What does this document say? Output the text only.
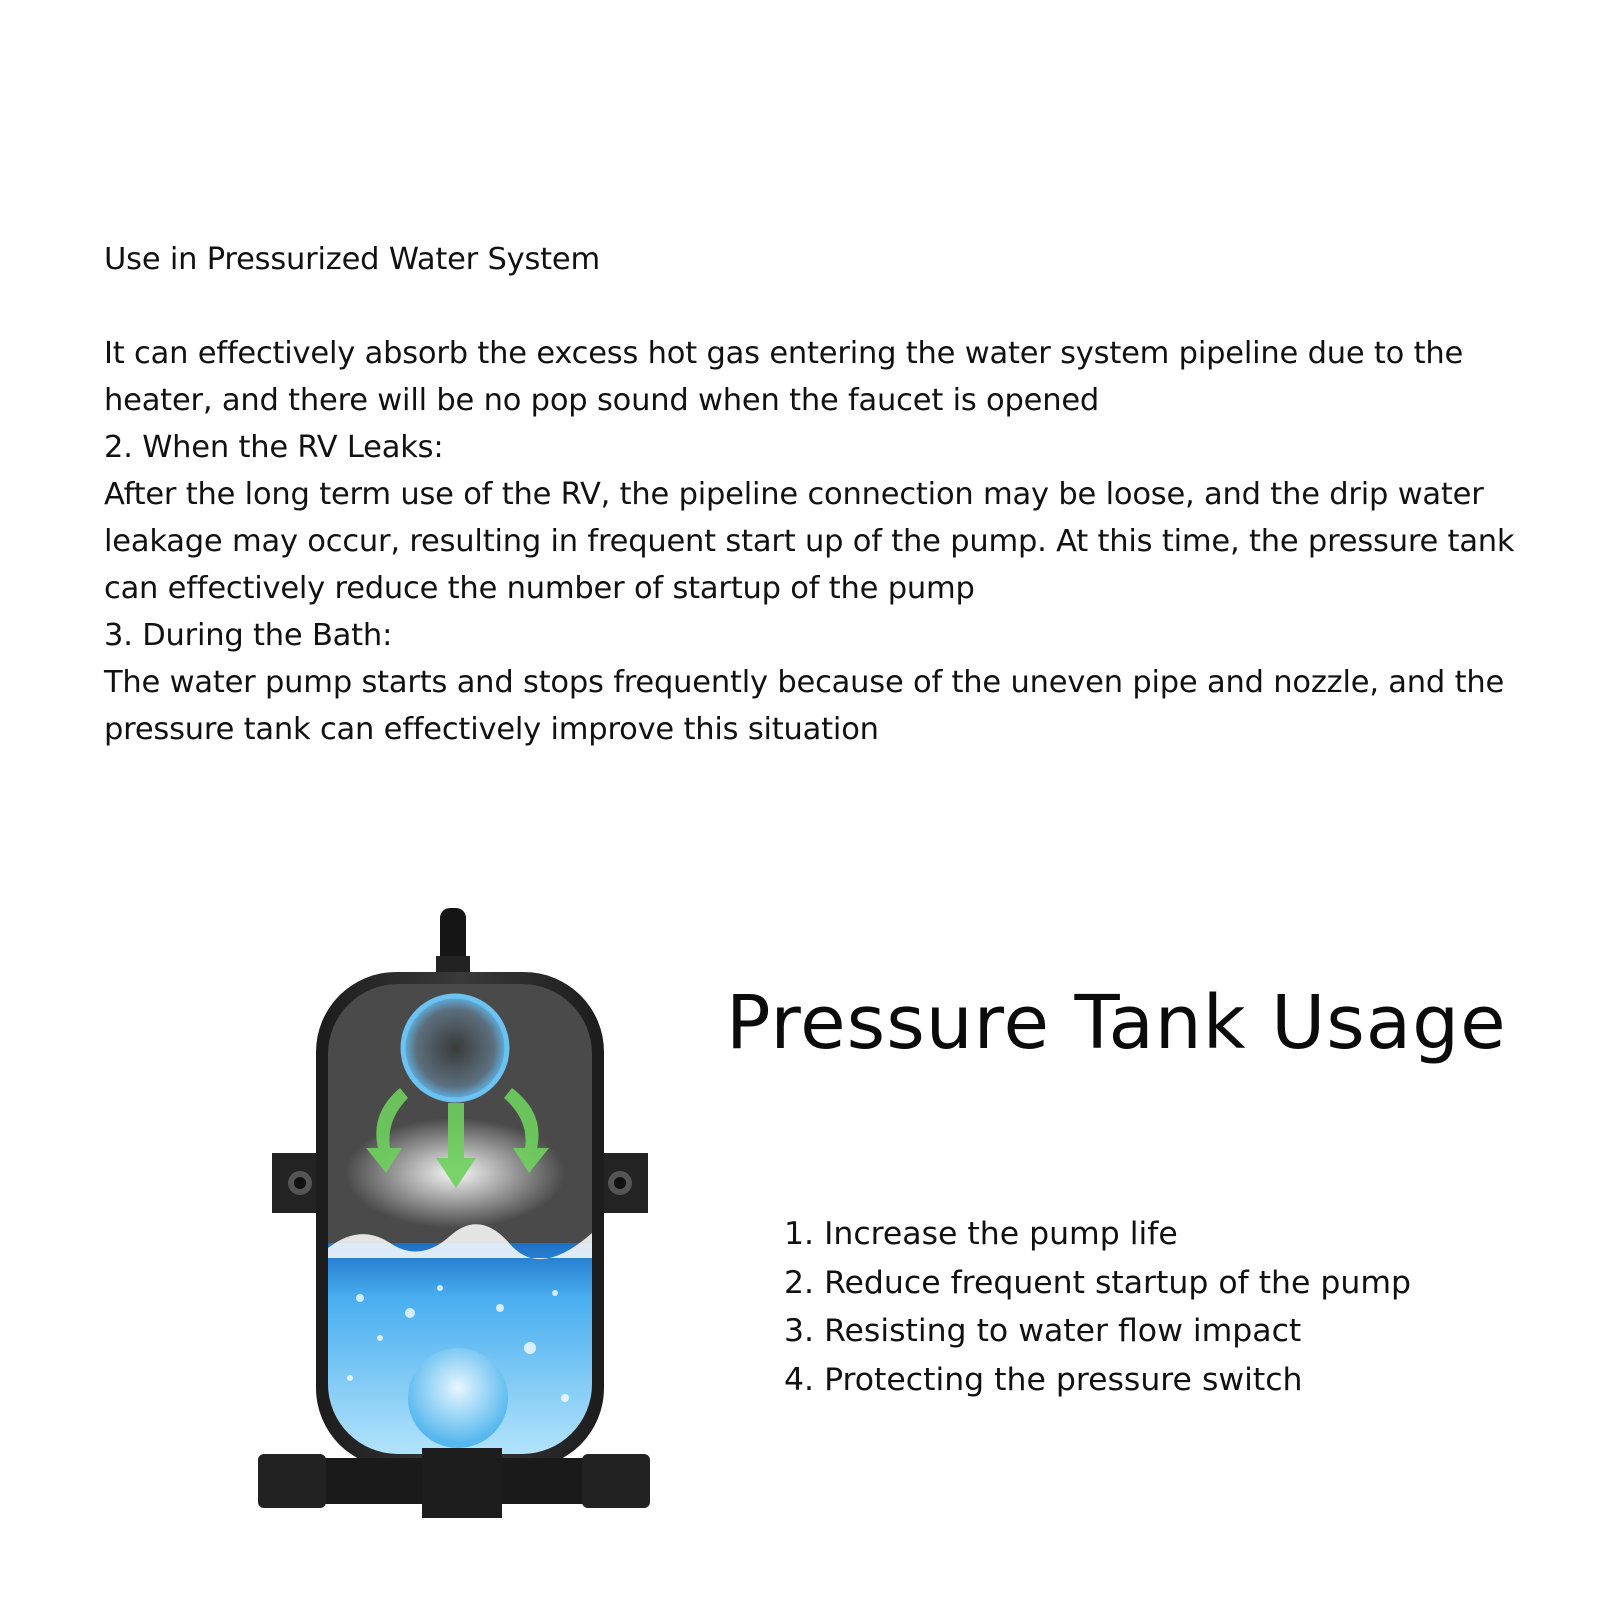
Use in Pressurized Water System

It can effectively absorb the excess hot gas entering the water system pipeline due to the heater, and there will be no pop sound when the faucet is opened

2. When the RV Leaks:

After the long term use of the RV, the pipeline connection may be loose, and the drip water leakage may occur, resulting in frequent start up of the pump. At this time, the pressure tank can effectively reduce the number of startup of the pump

3. During the Bath:

The water pump starts and stops frequently because of the uneven pipe and nozzle, and the pressure tank can effectively improve this situation

Pressure Tank Usage
1. Increase the pump life
2. Reduce frequent startup of the pump
3. Resisting to water flow impact
4. Protecting the pressure switch
